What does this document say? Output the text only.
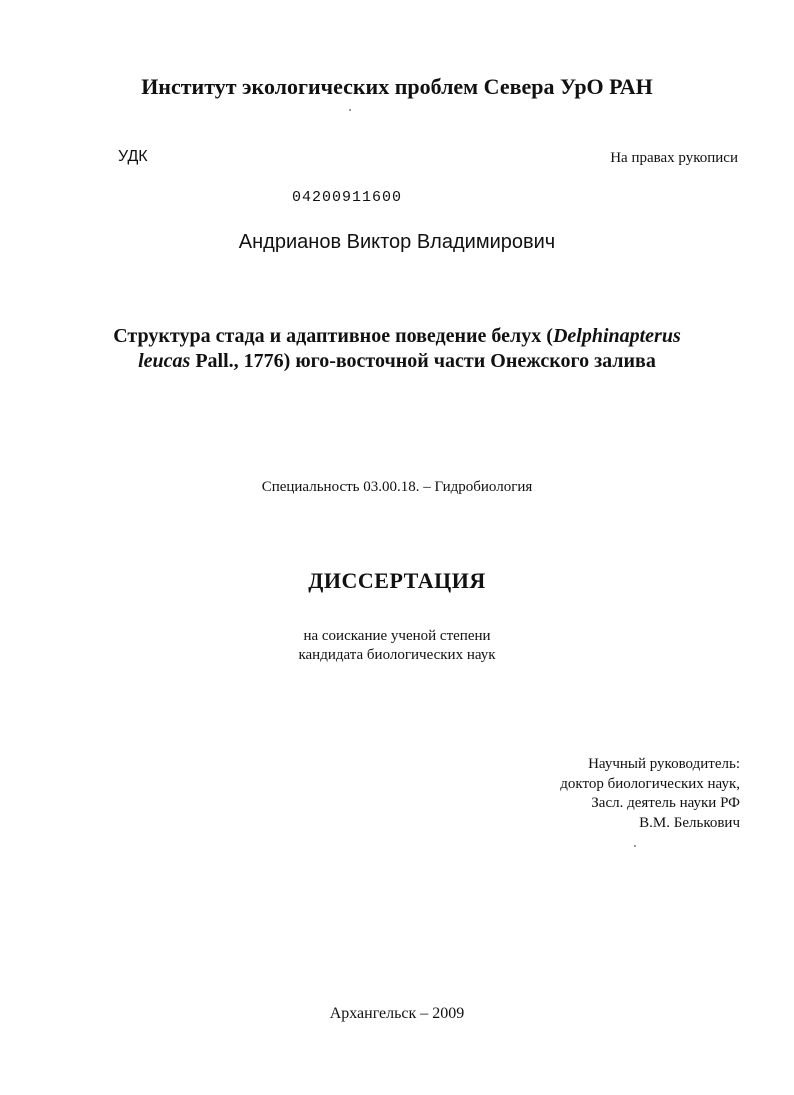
Институт экологических проблем Севера УрО РАН
УДК	На правах рукописи
04200911600
Андрианов Виктор Владимирович
Структура стада и адаптивное поведение белух (Delphinapterus
leucas Pall., 1776) юго-восточной части Онежского залива
Специальность 03.00.18. – Гидробиология
ДИССЕРТАЦИЯ
на соискание ученой степени
кандидата биологических наук
Научный руководитель:
доктор биологических наук,
Засл. деятель науки РФ
В.М. Белькович
Архангельск – 2009
